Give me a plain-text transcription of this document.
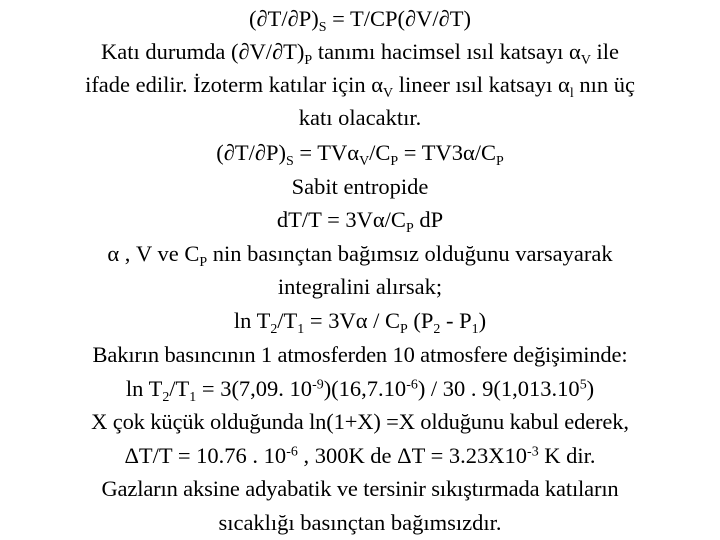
$(\partial T/\partial P)_S = T/CP(\partial V/\partial T)$
Katı durumda $(\partial V/\partial T)_P$ tanımı hacimsel ısıl katsayı $\alpha_V$ ile
ifade edilir. İzoterm katılar için $\alpha_V$ lineer ısıl katsayı $\alpha_l$ nın üç
katı olacaktır.
$(\partial T/\partial P)_S = TV\alpha_V/C_P = TV3\alpha/C_P$
Sabit entropide
$dT/T = 3V\alpha/C_P$ dP
α , V ve $C_P$ nin basınçtan bağımsız olduğunu varsayarak
integralini alırsak;
$\ln T_2/T_1 = 3V\alpha / C_P$ $(P_2 - P_1)$
Bakırın basıncının 1 atmosferden 10 atmosfere değişiminde:
$\ln T_2/T_1 = 3(7,09$. $10^{-9})(16,7.10^{-6}) / 30$ . 9(1,013.10$^5$)
X çok küçük olduğunda ln(1+X) =X olduğunu kabul ederek,
ΔT/T = 10.76 . $10^{-6}$ , 300K de $\Delta T = 3.23X10^{-3}$ K dir.
Gazların aksine adyabatik ve tersinir sıkıştırmada katıların
sıcaklığı basınçtan bağımsızdır.
